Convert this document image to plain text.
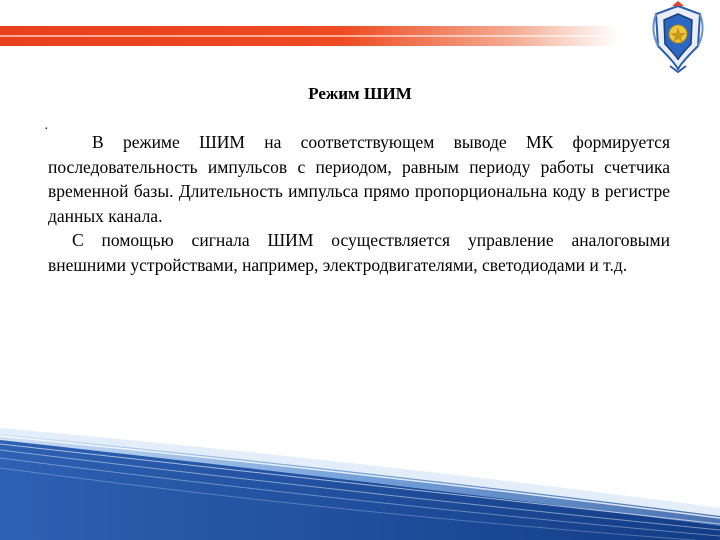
Режим ШИМ
·

В режиме ШИМ на соответствующем выводе МК формируется последовательность импульсов с периодом, равным периоду работы счетчика временной базы. Длительность импульса прямо пропорциональна коду в регистре данных канала.

С помощью сигнала ШИМ осуществляется управление аналоговыми внешними устройствами, например, электродвигателями, светодиодами и т.д.
